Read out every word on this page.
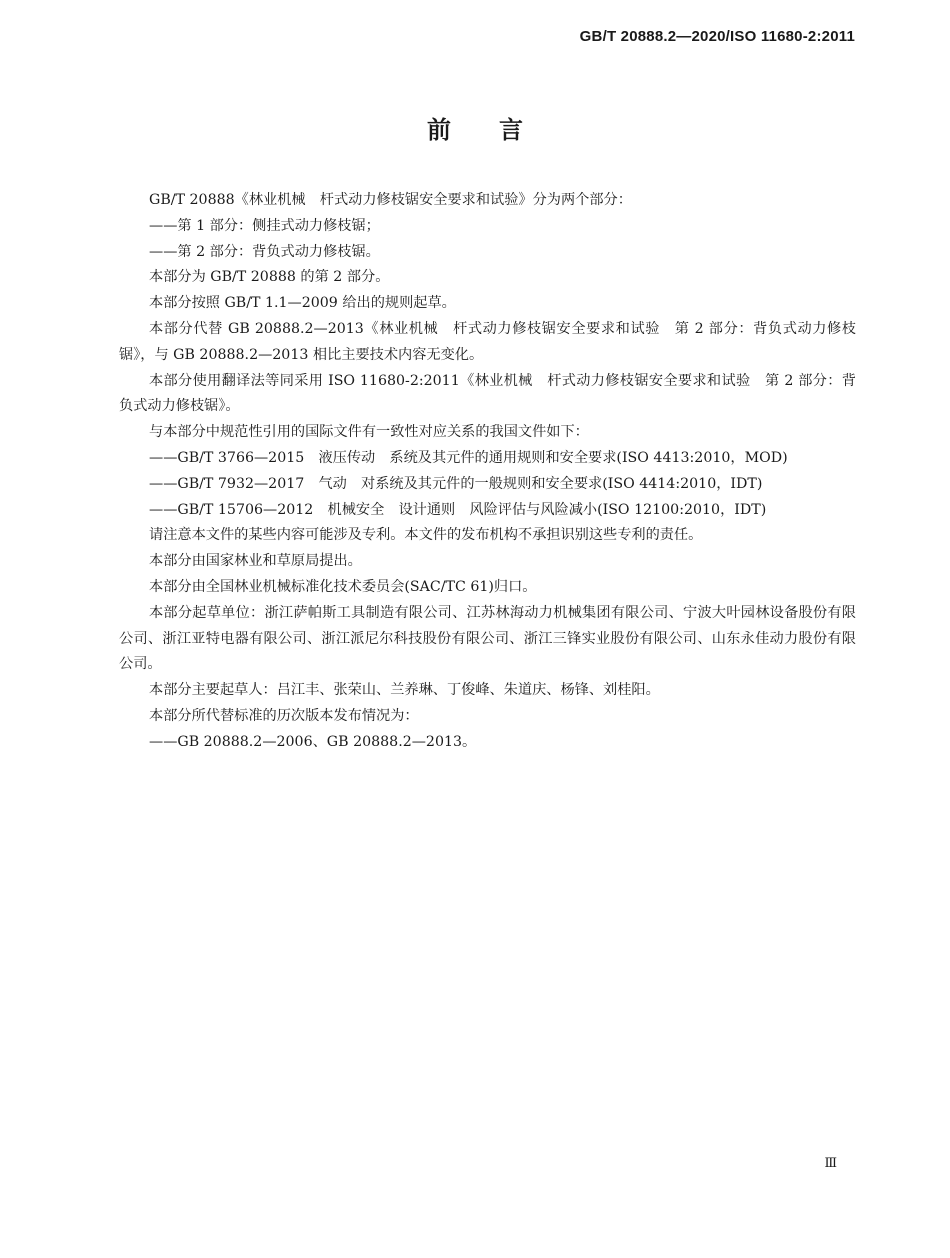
GB/T 20888.2—2020/ISO 11680-2:2011
前言

GB/T 20888《林业机械　杆式动力修枝锯安全要求和试验》分为两个部分：

——第 1 部分：侧挂式动力修枝锯；

——第 2 部分：背负式动力修枝锯。

本部分为 GB/T 20888 的第 2 部分。

本部分按照 GB/T 1.1—2009 给出的规则起草。

本部分代替 GB 20888.2—2013《林业机械　杆式动力修枝锯安全要求和试验　第 2 部分：背负式动力修枝锯》，与 GB 20888.2—2013 相比主要技术内容无变化。

本部分使用翻译法等同采用 ISO 11680-2:2011《林业机械　杆式动力修枝锯安全要求和试验　第 2 部分：背负式动力修枝锯》。

与本部分中规范性引用的国际文件有一致性对应关系的我国文件如下：

——GB/T 3766—2015　液压传动　系统及其元件的通用规则和安全要求(ISO 4413:2010，MOD)

——GB/T 7932—2017　气动　对系统及其元件的一般规则和安全要求(ISO 4414:2010，IDT)

——GB/T 15706—2012　机械安全　设计通则　风险评估与风险减小(ISO 12100:2010，IDT)

请注意本文件的某些内容可能涉及专利。本文件的发布机构不承担识别这些专利的责任。

本部分由国家林业和草原局提出。

本部分由全国林业机械标准化技术委员会(SAC/TC 61)归口。

本部分起草单位：浙江萨帕斯工具制造有限公司、江苏林海动力机械集团有限公司、宁波大叶园林设备股份有限公司、浙江亚特电器有限公司、浙江派尼尔科技股份有限公司、浙江三锋实业股份有限公司、山东永佳动力股份有限公司。

本部分主要起草人：吕江丰、张荣山、兰养琳、丁俊峰、朱道庆、杨锋、刘桂阳。

本部分所代替标准的历次版本发布情况为：

——GB 20888.2—2006、GB 20888.2—2013。

Ⅲ
